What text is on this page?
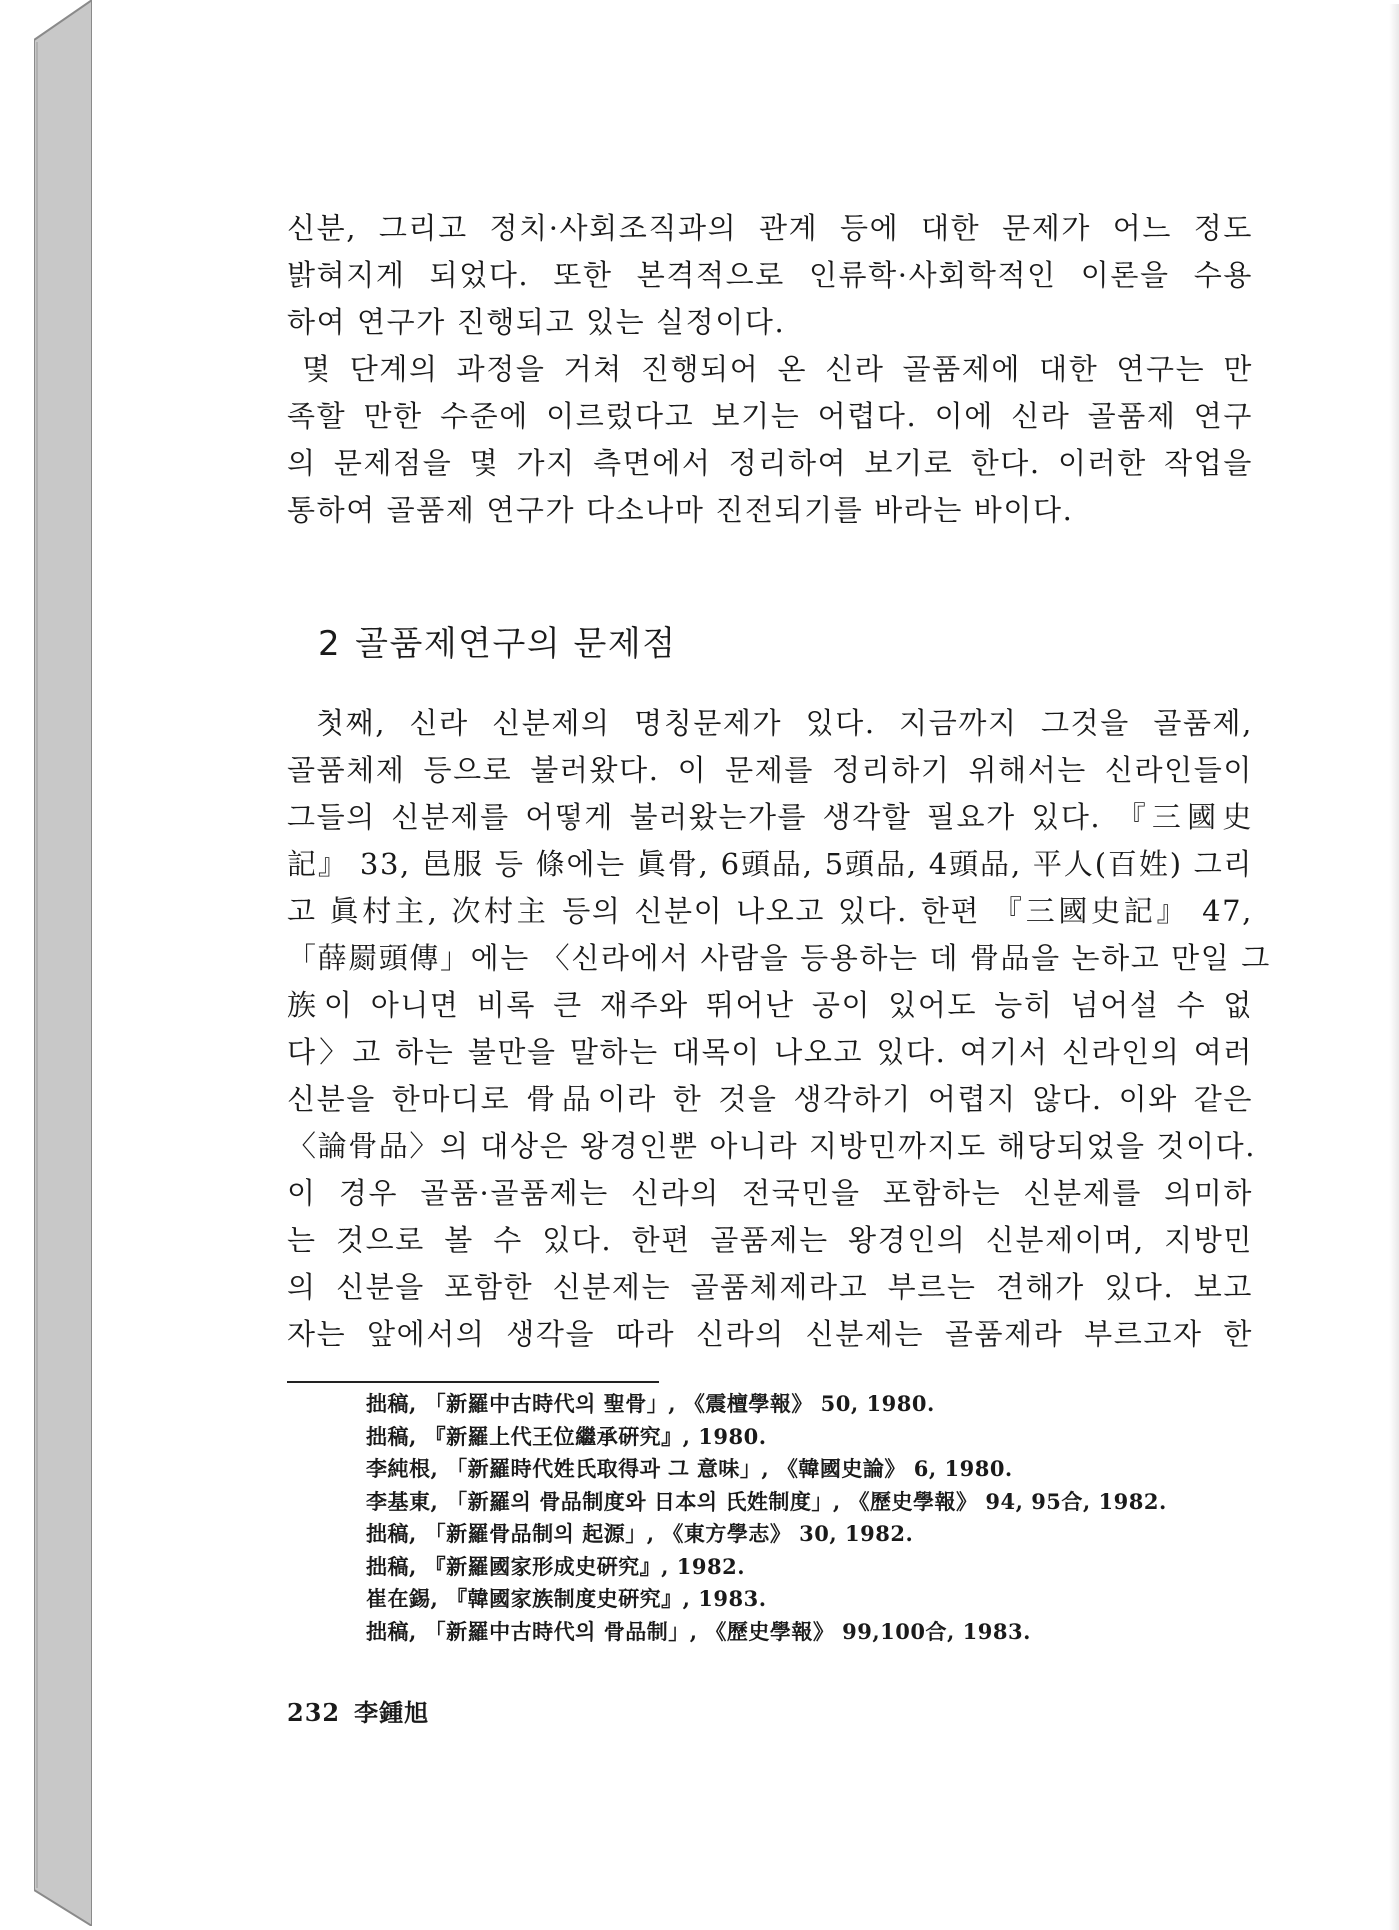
신분, 그리고 정치·사회조직과의 관계 등에 대한 문제가 어느 정도
밝혀지게 되었다. 또한 본격적으로 인류학·사회학적인 이론을 수용
하여 연구가 진행되고 있는 실정이다.

몇 단계의 과정을 거쳐 진행되어 온 신라 골품제에 대한 연구는 만
족할 만한 수준에 이르렀다고 보기는 어렵다. 이에 신라 골품제 연구
의 문제점을 몇 가지 측면에서 정리하여 보기로 한다. 이러한 작업을
통하여 골품제 연구가 다소나마 진전되기를 바라는 바이다.

2 골품제연구의 문제점

첫째, 신라 신분제의 명칭문제가 있다. 지금까지 그것을 골품제,
골품체제 등으로 불러왔다. 이 문제를 정리하기 위해서는 신라인들이
그들의 신분제를 어떻게 불러왔는가를 생각할 필요가 있다. 『三國史
記』 33, 邑服 등 條에는 眞骨, 6頭品, 5頭品, 4頭品, 平人(百姓) 그리
고 眞村主, 次村主 등의 신분이 나오고 있다. 한편 『三國史記』 47,
「薛罽頭傳」에는 〈신라에서 사람을 등용하는 데 骨品을 논하고 만일 그
族이 아니면 비록 큰 재주와 뛰어난 공이 있어도 능히 넘어설 수 없
다〉고 하는 불만을 말하는 대목이 나오고 있다. 여기서 신라인의 여러
신분을 한마디로 骨品이라 한 것을 생각하기 어렵지 않다. 이와 같은
〈論骨品〉의 대상은 왕경인뿐 아니라 지방민까지도 해당되었을 것이다.
이 경우 골품·골품제는 신라의 전국민을 포함하는 신분제를 의미하
는 것으로 볼 수 있다. 한편 골품제는 왕경인의 신분제이며, 지방민
의 신분을 포함한 신분제는 골품체제라고 부르는 견해가 있다. 보고
자는 앞에서의 생각을 따라 신라의 신분제는 골품제라 부르고자 한

拙稿, 「新羅中古時代의 聖骨」, 《震檀學報》 50, 1980.
拙稿, 『新羅上代王位繼承硏究』, 1980.
李純根, 「新羅時代姓氏取得과 그 意味」, 《韓國史論》 6, 1980.
李基東, 「新羅의 骨品制度와 日本의 氏姓制度」, 《歷史學報》 94, 95合, 1982.
拙稿, 「新羅骨品制의 起源」, 《東方學志》 30, 1982.
拙稿, 『新羅國家形成史硏究』, 1982.
崔在錫, 『韓國家族制度史硏究』, 1983.
拙稿, 「新羅中古時代의 骨品制」, 《歷史學報》 99,100合, 1983.
232 李鍾旭
